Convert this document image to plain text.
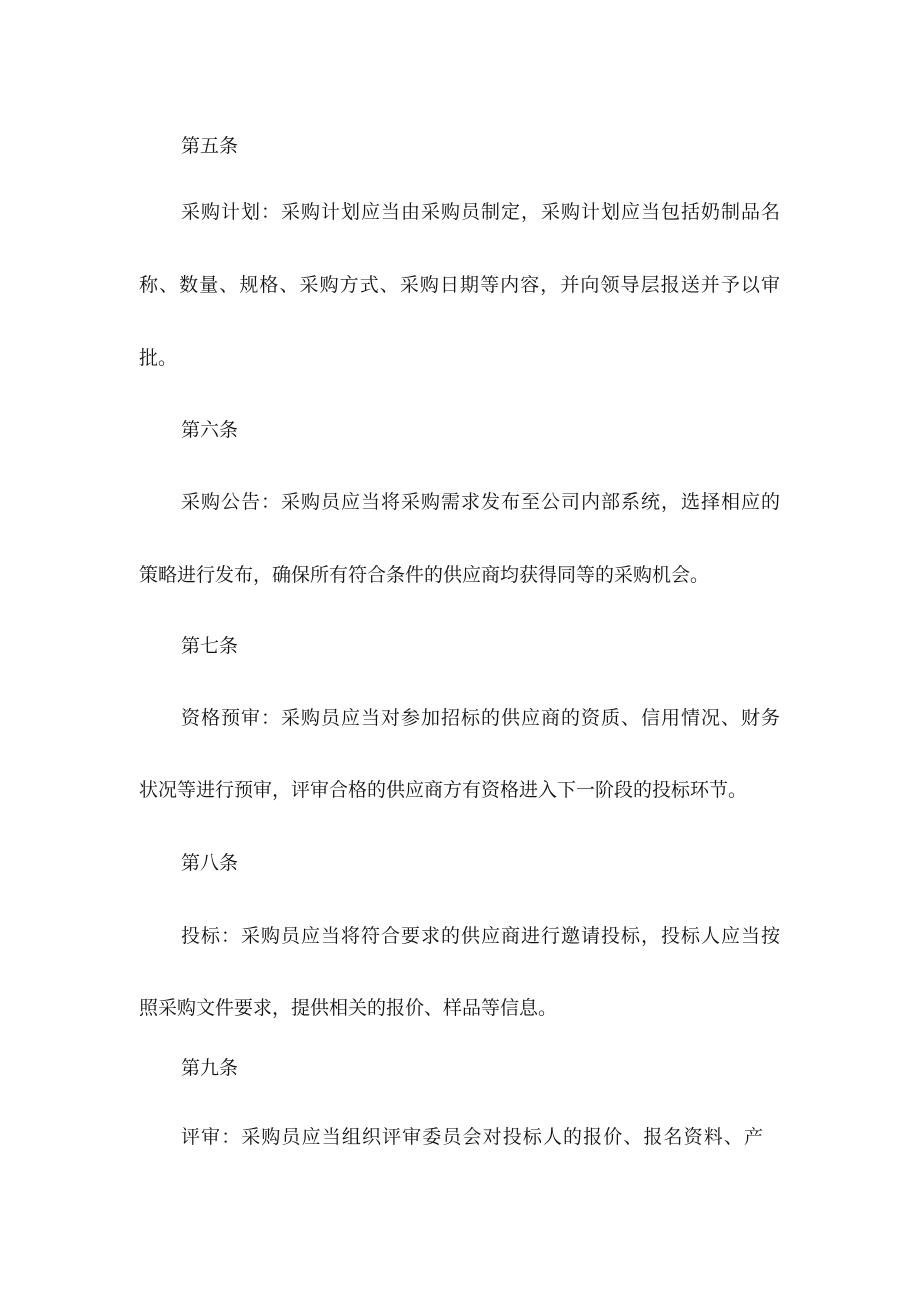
第五条

采购计划：采购计划应当由采购员制定，采购计划应当包括奶制品名

称、数量、规格、采购方式、采购日期等内容，并向领导层报送并予以审

批。

第六条

采购公告：采购员应当将采购需求发布至公司内部系统，选择相应的

策略进行发布，确保所有符合条件的供应商均获得同等的采购机会。

第七条

资格预审：采购员应当对参加招标的供应商的资质、信用情况、财务

状况等进行预审，评审合格的供应商方有资格进入下一阶段的投标环节。

第八条

投标：采购员应当将符合要求的供应商进行邀请投标，投标人应当按

照采购文件要求，提供相关的报价、样品等信息。

第九条

评审：采购员应当组织评审委员会对投标人的报价、报名资料、产
